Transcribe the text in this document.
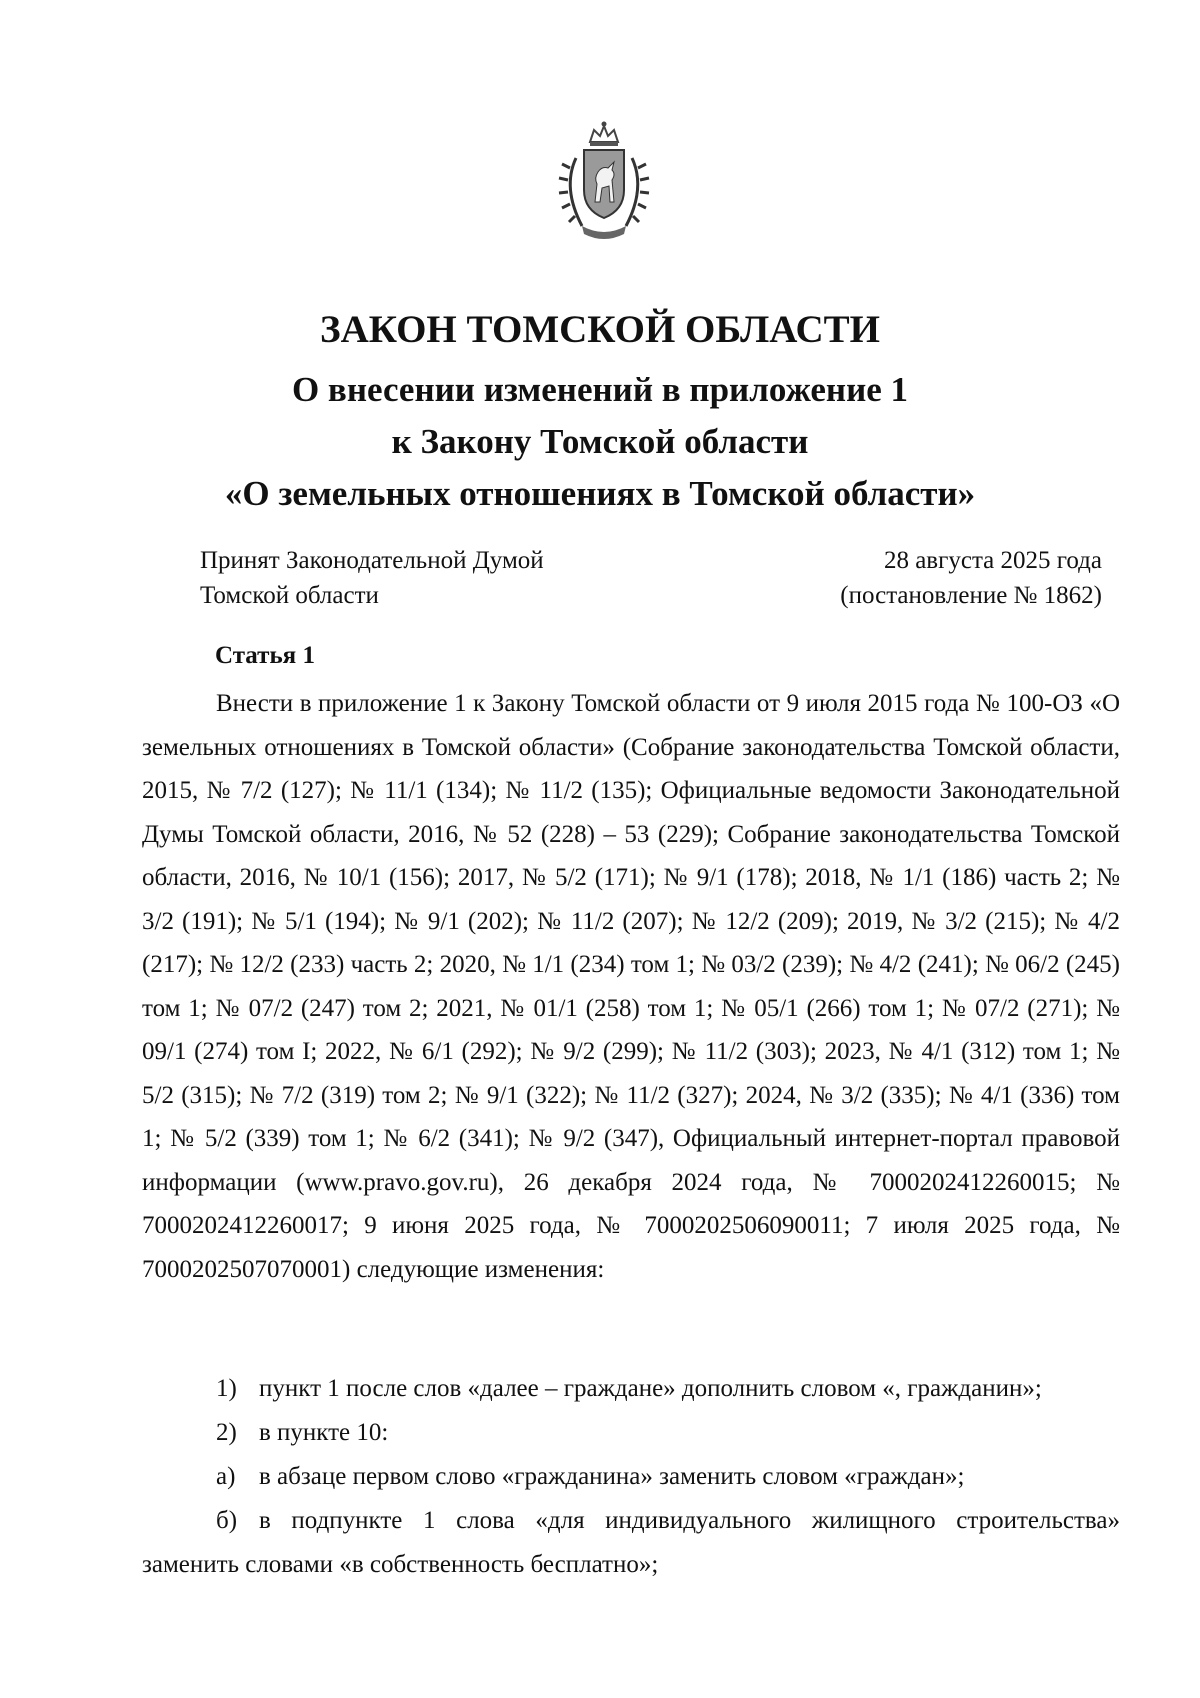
ЗАКОН ТОМСКОЙ ОБЛАСТИ
О внесении изменений в приложение 1
к Закону Томской области
«О земельных отношениях в Томской области»
Принят Законодательной Думой
Томской области
28 августа 2025 года
(постановление № 1862)
Статья 1

Внести в приложение 1 к Закону Томской области от 9 июля 2015 года № 100-ОЗ «О земельных отношениях в Томской области» (Собрание законодательства Томской области, 2015, № 7/2 (127); № 11/1 (134); № 11/2 (135); Официальные ведомости Законодательной Думы Томской области, 2016, № 52 (228) – 53 (229); Собрание законодательства Томской области, 2016, № 10/1 (156); 2017, № 5/2 (171); № 9/1 (178); 2018, № 1/1 (186) часть 2; № 3/2 (191); № 5/1 (194); № 9/1 (202); № 11/2 (207); № 12/2 (209); 2019, № 3/2 (215); № 4/2 (217); № 12/2 (233) часть 2; 2020, № 1/1 (234) том 1; № 03/2 (239); № 4/2 (241); № 06/2 (245) том 1; № 07/2 (247) том 2; 2021, № 01/1 (258) том 1; № 05/1 (266) том 1; № 07/2 (271); № 09/1 (274) том I; 2022, № 6/1 (292); № 9/2 (299); № 11/2 (303); 2023, № 4/1 (312) том 1; № 5/2 (315); № 7/2 (319) том 2; № 9/1 (322); № 11/2 (327); 2024, № 3/2 (335); № 4/1 (336) том 1; № 5/2 (339) том 1; № 6/2 (341); № 9/2 (347), Официальный интернет-портал правовой информации (www.pravo.gov.ru), 26 декабря 2024 года, № 7000202412260015; № 7000202412260017; 9 июня 2025 года, № 7000202506090011; 7 июля 2025 года, № 7000202507070001) следующие изменения:

1) пункт 1 после слов «далее – граждане» дополнить словом «, гражданин»;
2) в пункте 10:
а) в абзаце первом слово «гражданина» заменить словом «граждан»;
б) в подпункте 1 слова «для индивидуального жилищного строительства» заменить словами «в собственность бесплатно»;
